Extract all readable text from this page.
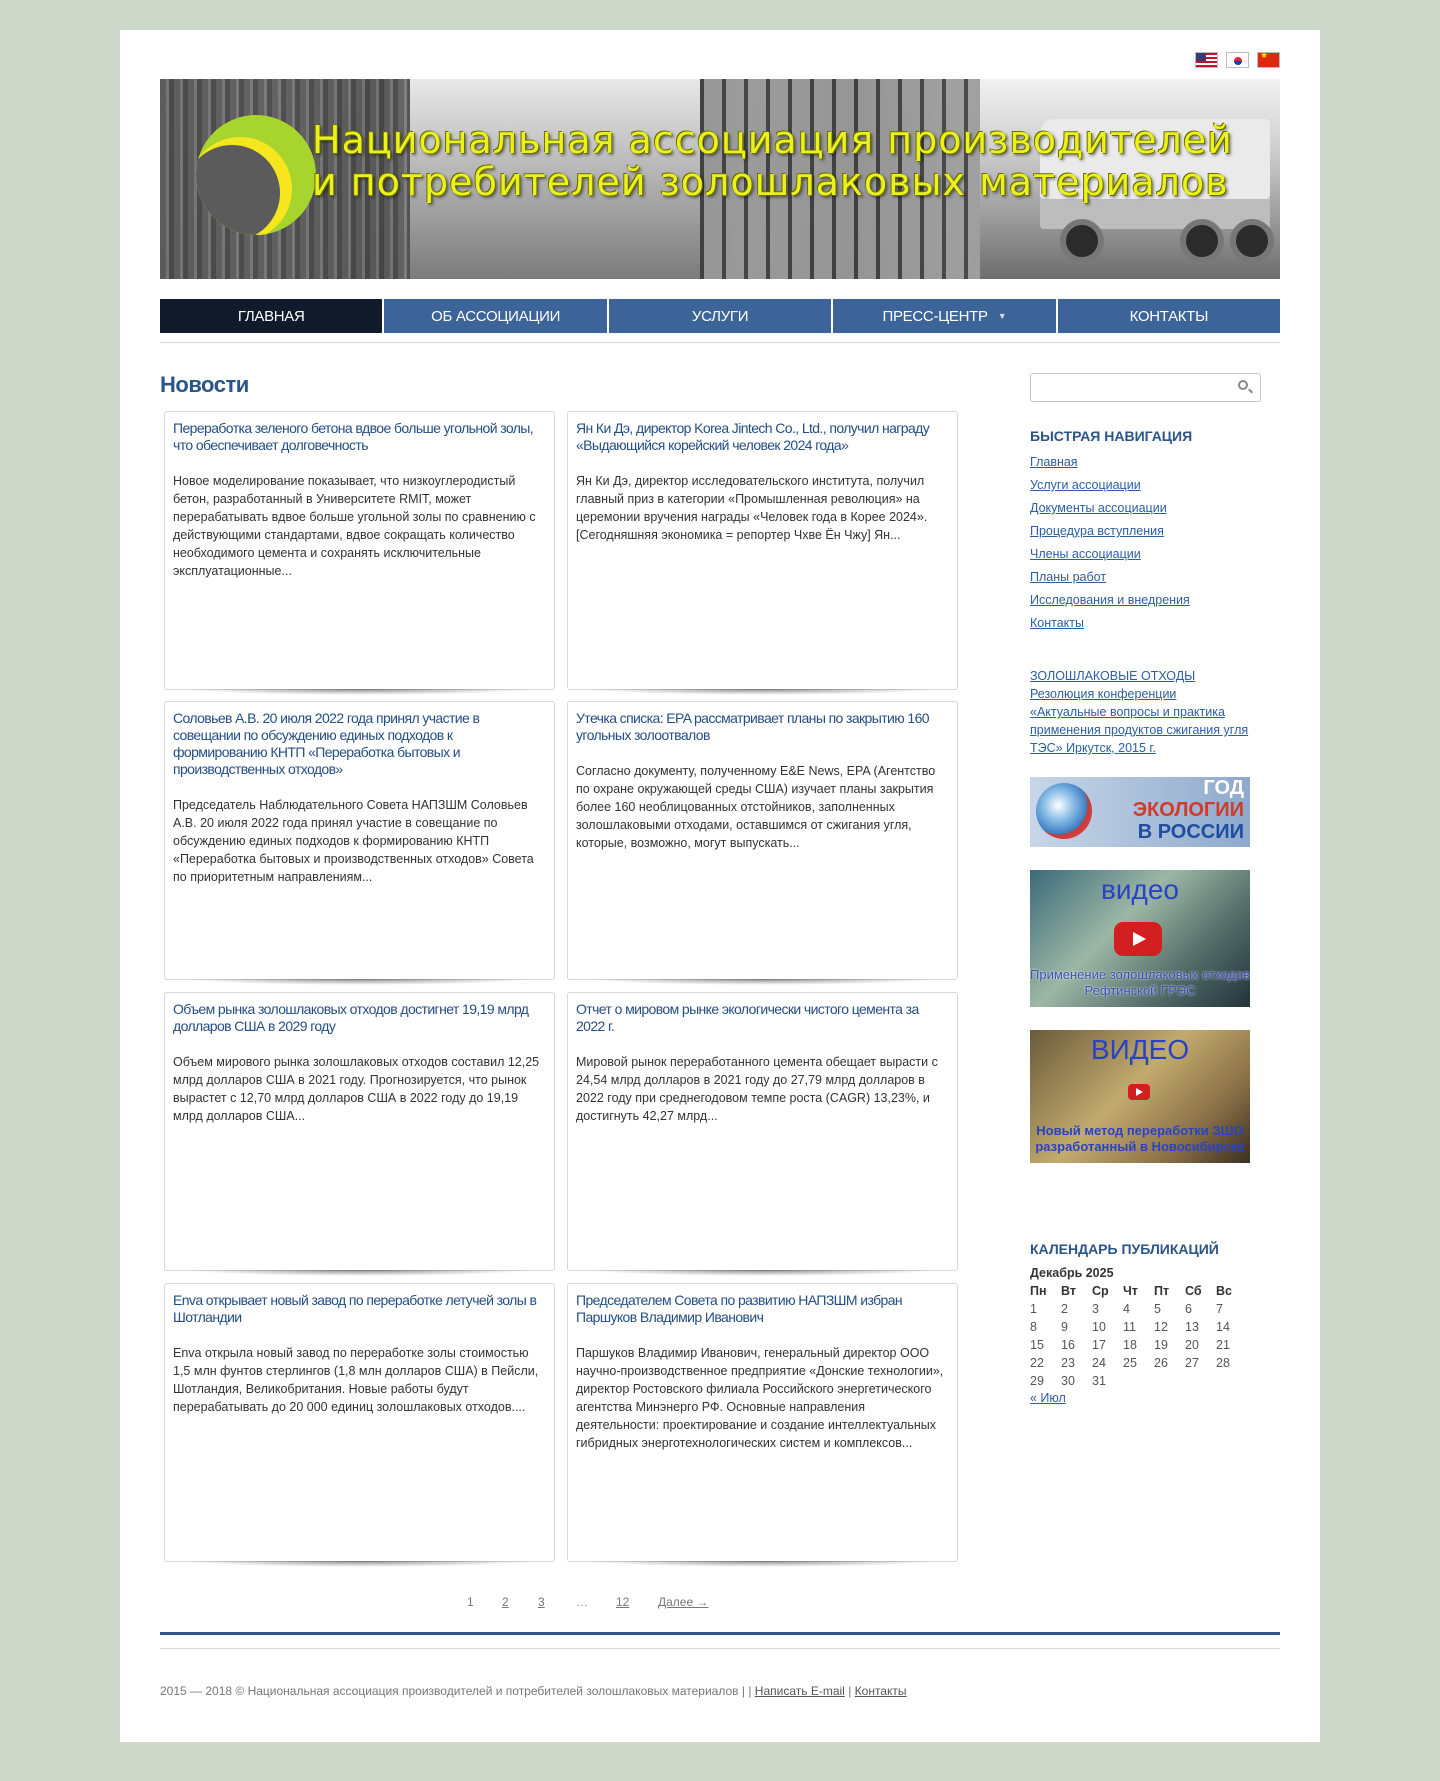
★
Национальная ассоциация производителей
и потребителей золошлаковых материалов
ГЛАВНАЯ	ОБ АССОЦИАЦИИ	УСЛУГИ	ПРЕСС-ЦЕНТР ▼	КОНТАКТЫ
Новости
Переработка зеленого бетона вдвое больше угольной золы, что обеспечивает долговечность
Новое моделирование показывает, что низкоуглеродистый бетон, разработанный в Университете RMIT, может перерабатывать вдвое больше угольной золы по сравнению с действующими стандартами, вдвое сокращать количество необходимого цемента и сохранять исключительные эксплуатационные...
Ян Ки Дэ, директор Korea Jintech Co., Ltd., получил награду «Выдающийся корейский человек 2024 года»
Ян Ки Дэ, директор исследовательского института, получил главный приз в категории «Промышленная революция» на церемонии вручения награды «Человек года в Корее 2024». [Сегодняшняя экономика = репортер Чхве Ён Чжу] Ян...
Соловьев А.В. 20 июля 2022 года принял участие в совещании по обсуждению единых подходов к формированию КНТП «Переработка бытовых и производственных отходов»
Председатель Наблюдательного Совета НАПЗШМ Соловьев А.В. 20 июля 2022 года принял участие в совещание по обсуждению единых подходов к формированию КНТП «Переработка бытовых и производственных отходов» Совета по приоритетным направлениям...
Утечка списка: EPA рассматривает планы по закрытию 160 угольных золоотвалов
Согласно документу, полученному E&E News, EPA (Агентство по охране окружающей среды США) изучает планы закрытия более 160 необлицованных отстойников, заполненных золошлаковыми отходами, оставшимся от сжигания угля, которые, возможно, могут выпускать...
Объем рынка золошлаковых отходов достигнет 19,19 млрд долларов США в 2029 году
Объем мирового рынка золошлаковых отходов составил 12,25 млрд долларов США в 2021 году. Прогнозируется, что рынок вырастет с 12,70 млрд долларов США в 2022 году до 19,19 млрд долларов США...
Отчет о мировом рынке экологически чистого цемента за 2022 г.
Мировой рынок переработанного цемента обещает вырасти с 24,54 млрд долларов в 2021 году до 27,79 млрд долларов в 2022 году при среднегодовом темпе роста (CAGR) 13,23%, и достигнуть 42,27 млрд...
Enva открывает новый завод по переработке летучей золы в Шотландии
Enva открыла новый завод по переработке золы стоимостью 1,5 млн фунтов стерлингов (1,8 млн долларов США) в Пейсли, Шотландия, Великобритания. Новые работы будут перерабатывать до 20 000 единиц золошлаковых отходов....
Председателем Совета по развитию НАПЗШМ избран Паршуков Владимир Иванович
Паршуков Владимир Иванович, генеральный директор ООО научно-производственное предприятие «Донские технологии», директор Ростовского филиала Российского энергетического агентства Минэнерго РФ. Основные направления деятельности: проектирование и создание интеллектуальных гибридных энерготехнологических систем и комплексов...
1 2 3	… 12 Далее →
2015 — 2018 © Национальная ассоциация производителей и потребителей золошлаковых материалов | | Написать E-mail | Контакты
БЫСТРАЯ НАВИГАЦИЯ
Главная
Услуги ассоциации
Документы ассоциации
Процедура вступления
Члены ассоциации
Планы работ
Исследования и внедрения
Контакты
ЗОЛОШЛАКОВЫЕ ОТХОДЫ
Резолюция конференции «Актуальные вопросы и практика применения продуктов сжигания угля ТЭС» Иркутск, 2015 г.
ГОД
ЭКОЛОГИИ
В РОССИИ
видео
Применение золошлаковых отходов Рефтинской ГРЭС
ВИДЕО
Новый метод переработки ЗШО разработанный в Новосибирске
КАЛЕНДАРЬ ПУБЛИКАЦИЙ
Декабрь 2025
Пн	Вт	Ср	Чт	Пт	Сб	Вс
1	2	3	4	5	6	7
8	9	10	11	12	13	14
15	16	17	18	19	20	21
22	23	24	25	26	27	28
29	30	31				
« Июл
